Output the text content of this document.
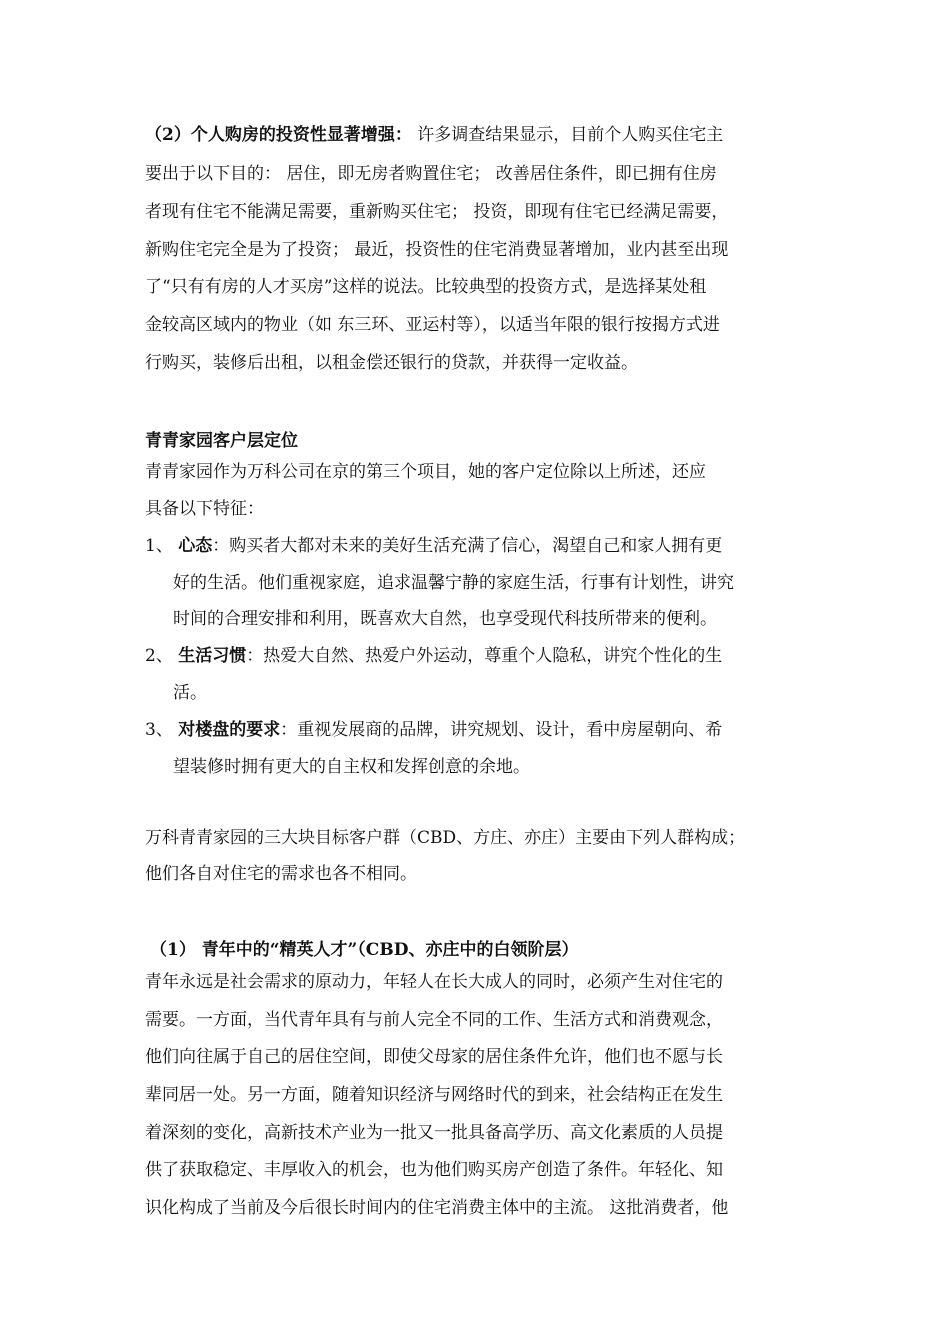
（2）个人购房的投资性显著增强： 许多调查结果显示，目前个人购买住宅主
要出于以下目的： 居住，即无房者购置住宅； 改善居住条件，即已拥有住房
者现有住宅不能满足需要，重新购买住宅； 投资，即现有住宅已经满足需要，
新购住宅完全是为了投资； 最近，投资性的住宅消费显著增加，业内甚至出现
了“只有有房的人才买房”这样的说法。比较典型的投资方式，是选择某处租
金较高区域内的物业（如 东三环、亚运村等），以适当年限的银行按揭方式进
行购买，装修后出租，以租金偿还银行的贷款，并获得一定收益。
青青家园客户层定位
青青家园作为万科公司在京的第三个项目，她的客户定位除以上所述，还应
具备以下特征：
1、 心态：购买者大都对未来的美好生活充满了信心，渴望自己和家人拥有更
好的生活。他们重视家庭，追求温馨宁静的家庭生活，行事有计划性，讲究
时间的合理安排和利用，既喜欢大自然，也享受现代科技所带来的便利。
2、 生活习惯：热爱大自然、热爱户外运动，尊重个人隐私，讲究个性化的生
活。
3、 对楼盘的要求：重视发展商的品牌，讲究规划、设计，看中房屋朝向、希
望装修时拥有更大的自主权和发挥创意的余地。
万科青青家园的三大块目标客户群（CBD、方庄、亦庄）主要由下列人群构成；
他们各自对住宅的需求也各不相同。
（1） 青年中的“精英人才”（CBD、亦庄中的白领阶层）
青年永远是社会需求的原动力，年轻人在长大成人的同时，必须产生对住宅的
需要。一方面，当代青年具有与前人完全不同的工作、生活方式和消费观念，
他们向往属于自己的居住空间，即使父母家的居住条件允许，他们也不愿与长
辈同居一处。另一方面，随着知识经济与网络时代的到来，社会结构正在发生
着深刻的变化，高新技术产业为一批又一批具备高学历、高文化素质的人员提
供了获取稳定、丰厚收入的机会，也为他们购买房产创造了条件。年轻化、知
识化构成了当前及今后很长时间内的住宅消费主体中的主流。 这批消费者，他
